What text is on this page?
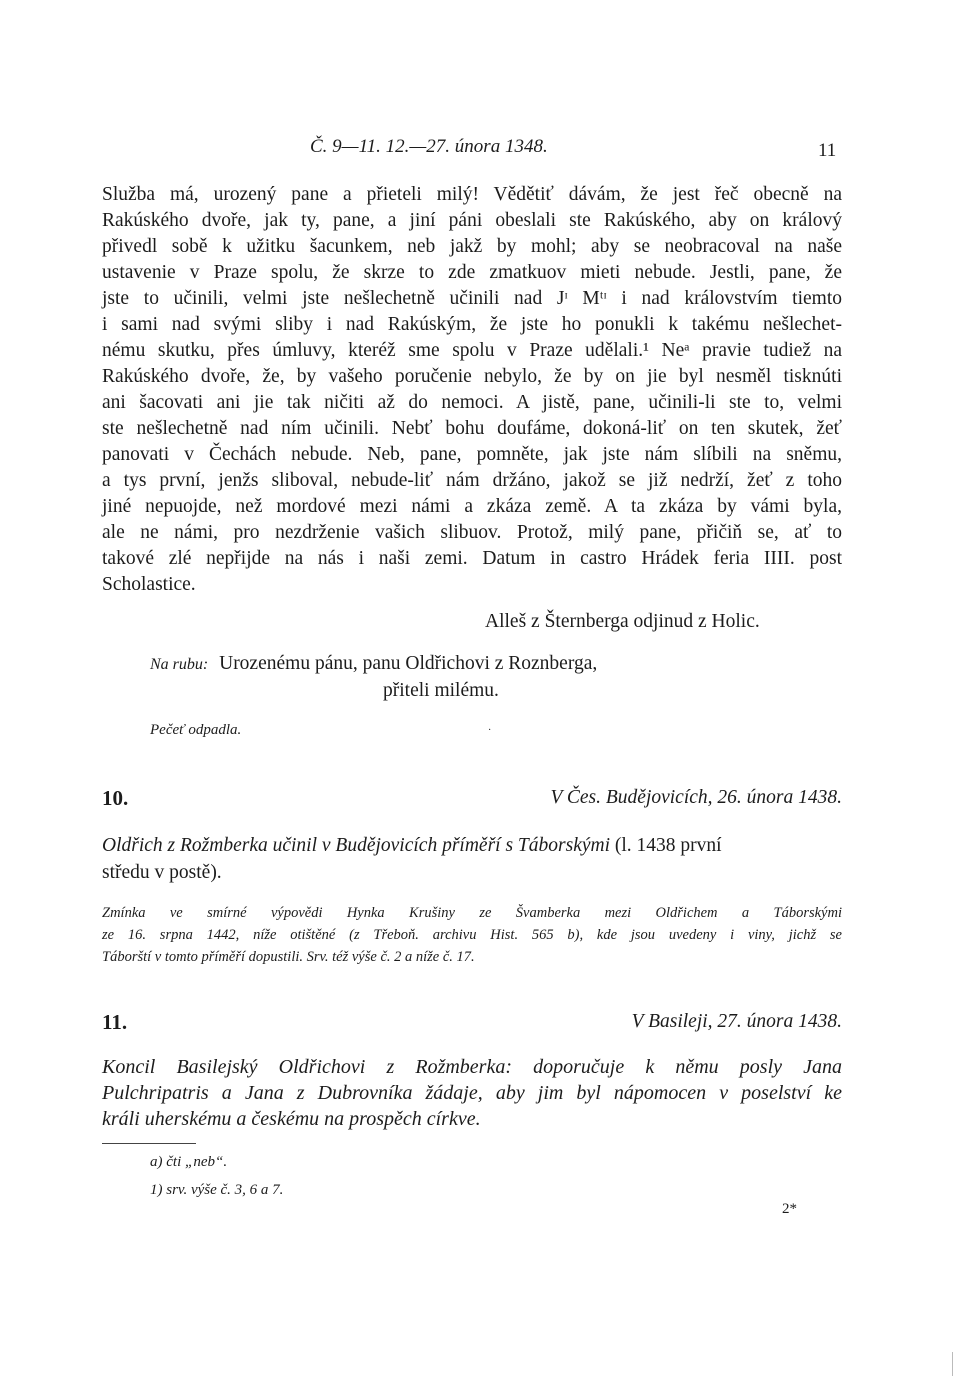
Č. 9—11. 12.—27. února 1348.	11
Služba má, urozený pane a přieteli milý! Vědětiť dávám, že jest řeč obecně na
Rakúského dvoře, jak ty, pane, a jiní páni obeslali ste Rakúského, aby on králový
přivedl sobě k užitku šacunkem, neb jakž by mohl; aby se neobracoval na naše
ustavenie v Praze spolu, že skrze to zde zmatkuov mieti nebude. Jestli, pane, že
jste to učinili, velmi jste nešlechetně učinili nad Jᶦ Mᵗᶦ i nad královstvím tiemto
i sami nad svými sliby i nad Rakúským, že jste ho ponukli k takému nešlechet-
nému skutku, přes úmluvy, kteréž sme spolu v Praze udělali.¹ Neᵃ pravie tudiež na
Rakúského dvoře, že, by vašeho poručenie nebylo, že by on jie byl nesměl tisknúti
ani šacovati ani jie tak ničiti až do nemoci. A jistě, pane, učinili-li ste to, velmi
ste nešlechetně nad ním učinili. Nebť bohu doufáme, dokoná-liť on ten skutek, žeť
panovati v Čechách nebude. Neb, pane, pomněte, jak jste nám slíbili na sněmu,
a tys první, jenžs sliboval, nebude-liť nám držáno, jakož se již nedrží, žeť z toho
jiné nepuojde, než mordové mezi námi a zkáza země. A ta zkáza by vámi byla,
ale ne námi, pro nezdrženie vašich slibuov. Protož, milý pane, přičiň se, ať to
takové zlé nepřijde na nás i naši zemi. Datum in castro Hrádek feria IIII. post
Scholastice.
Alleš z Šternberga odjinud z Holic.
Na rubu: Urozenému pánu, panu Oldřichovi z Roznberga,
přiteli milému.
Pečeť odpadla.	·
10.	V Čes. Budějovicích, 26. února 1438.
Oldřich z Rožmberka učinil v Budějovicích příměří s Táborskými (l. 1438 první
středu v postě).
Zmínka ve smírné výpovědi Hynka Krušiny ze Švamberka mezi Oldřichem a Táborskými
ze 16. srpna 1442, níže otištěné (z Třeboň. archivu Hist. 565 b), kde jsou uvedeny i viny, jichž se
Táborští v tomto příměří dopustili. Srv. též výše č. 2 a níže č. 17.
11.	V Basileji, 27. února 1438.
Koncil Basilejský Oldřichovi z Rožmberka: doporučuje k němu posly Jana
Pulchripatris a Jana z Dubrovníka žádaje, aby jim byl nápomocen v poselství ke
králi uherskému a českému na prospěch církve.
a) čti „neb“.
1) srv. výše č. 3, 6 a 7.
2*
